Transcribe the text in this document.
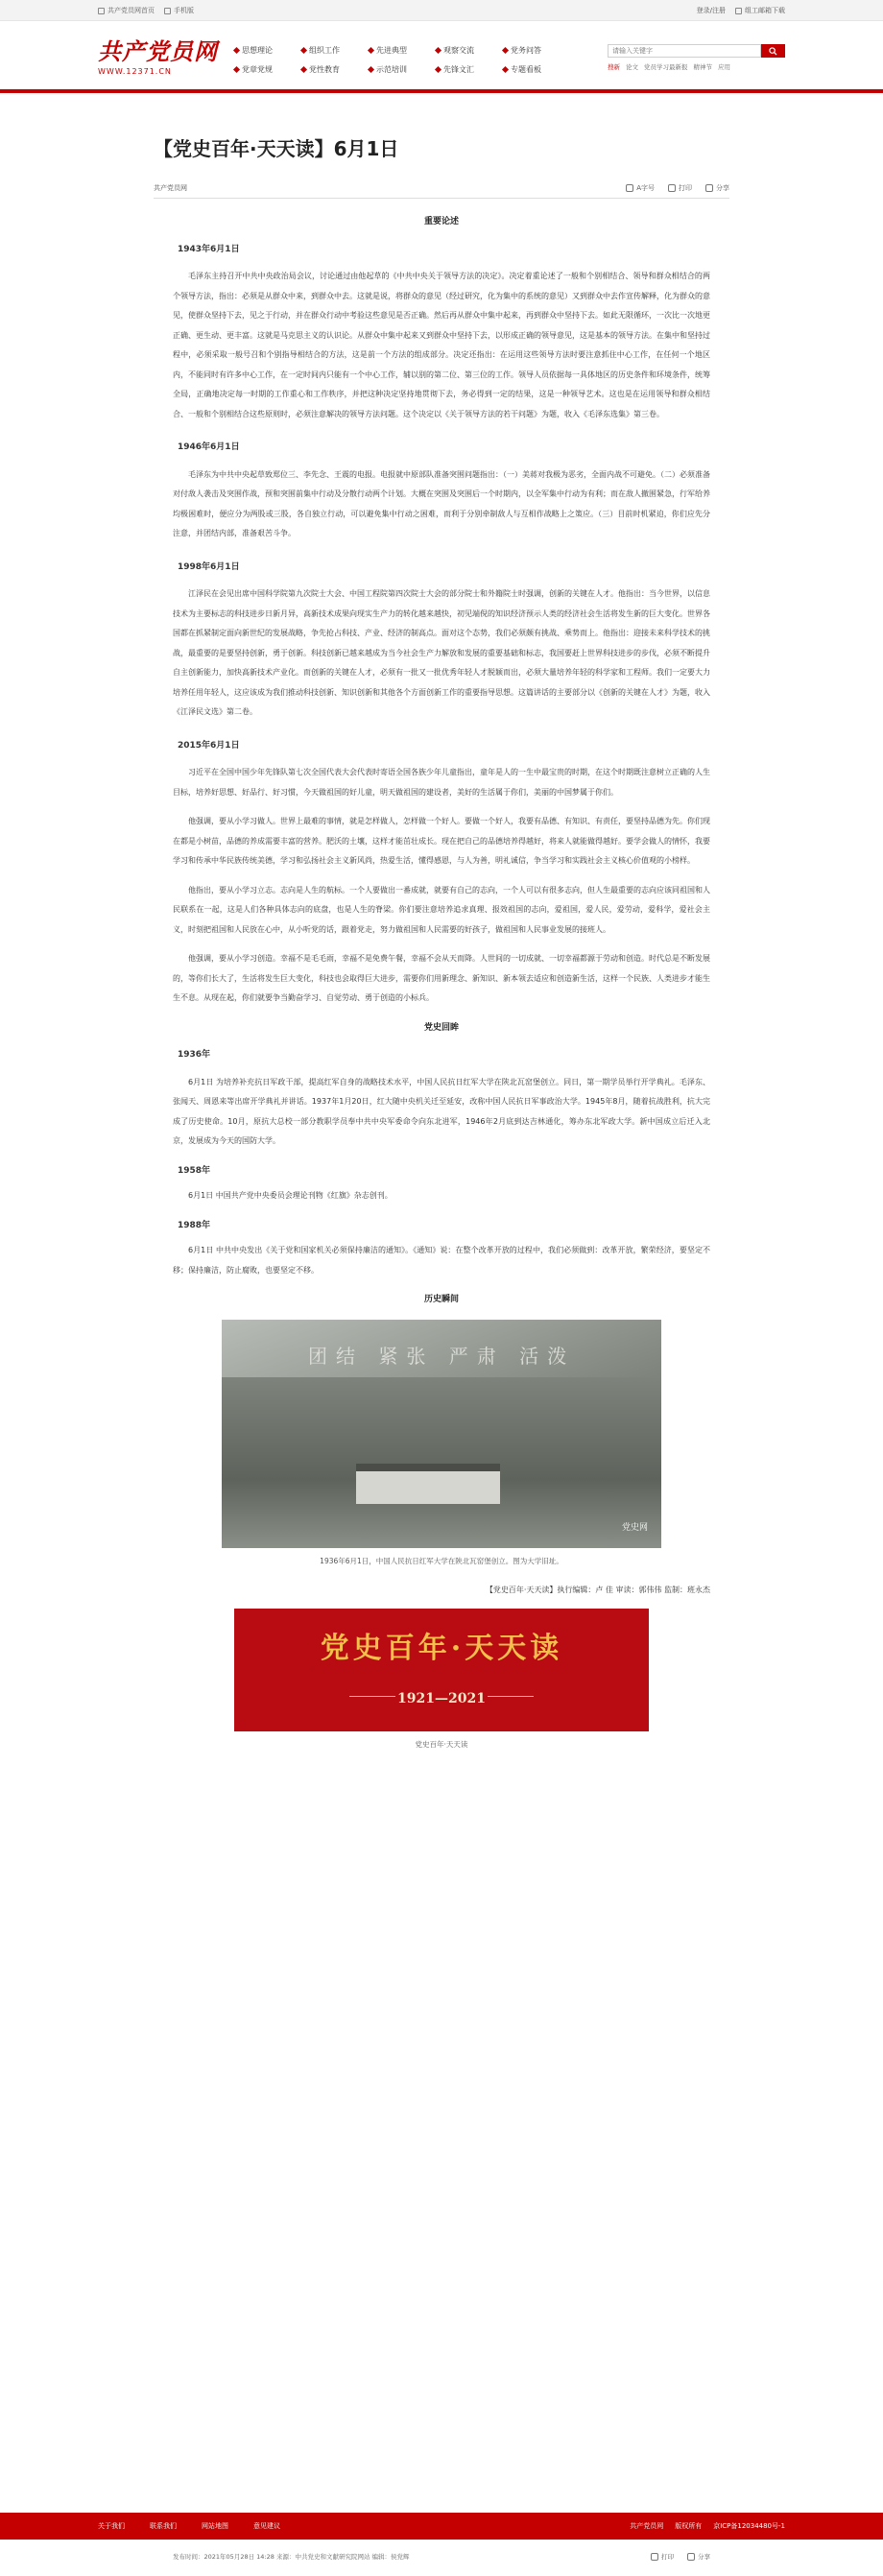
共产党员网首页	手机版	登录/注册	组工邮箱下载
共产党员网
WWW.12371.CN
思想理论	组织工作	先进典型	观察交流	党务问答
党章党规	党性教育	示范培训	先锋文汇	专题看板
请输入关键字	搜新 论文 党员学习最新报 精神节 应用
【党史百年·天天读】6月1日
共产党员网	A字号	打印	分享
重要论述
1943年6月1日

毛泽东主持召开中共中央政治局会议，讨论通过由他起草的《中共中央关于领导方法的决定》。决定着重论述了一般和个别相结合、领导和群众相结合的两个领导方法，指出：必须是从群众中来，到群众中去。这就是说，将群众的意见（经过研究，化为集中的系统的意见）又到群众中去作宣传解释，化为群众的意见，使群众坚持下去，见之于行动，并在群众行动中考验这些意见是否正确。然后再从群众中集中起来，再到群众中坚持下去。如此无限循环，一次比一次地更正确、更生动、更丰富。这就是马克思主义的认识论。从群众中集中起来又到群众中坚持下去，以形成正确的领导意见，这是基本的领导方法。在集中和坚持过程中，必须采取一般号召和个别指导相结合的方法，这是前一个方法的组成部分。决定还指出：在运用这些领导方法时要注意抓住中心工作，在任何一个地区内，不能同时有许多中心工作，在一定时间内只能有一个中心工作，辅以别的第二位、第三位的工作。领导人员依据每一具体地区的历史条件和环境条件，统筹全局，正确地决定每一时期的工作重心和工作秩序，并把这种决定坚持地贯彻下去，务必得到一定的结果，这是一种领导艺术。这也是在运用领导和群众相结合、一般和个别相结合这些原则时，必须注意解决的领导方法问题。这个决定以《关于领导方法的若干问题》为题，收入《毛泽东选集》第三卷。

1946年6月1日

毛泽东为中共中央起草致郑位三、李先念、王震的电报。电报就中原部队准备突围问题指出：（一）美蒋对我极为恶劣，全面内战不可避免。（二）必须准备对付敌人袭击及突围作战，预和突围前集中行动及分散行动两个计划。大概在突围及突围后一个时期内，以全军集中行动为有利；而在敌人撤围紧急，行军给养均极困难时，便应分为两股或三股，各自独立行动，可以避免集中行动之困难，而利于分别牵制敌人与互相作战略上之策应。（三）目前时机紧迫，你们应先分注意，并团结内部，准备艰苦斗争。

1998年6月1日

江泽民在会见出席中国科学院第九次院士大会、中国工程院第四次院士大会的部分院士和外籍院士时强调，创新的关键在人才。他指出：当今世界，以信息技术为主要标志的科技进步日新月异，高新技术成果向现实生产力的转化越来越快，初见端倪的知识经济预示人类的经济社会生活将发生新的巨大变化。世界各国都在抓紧制定面向新世纪的发展战略，争先抢占科技、产业、经济的制高点。面对这个态势，我们必须颇有挑战、乘势而上。他指出：迎接未来科学技术的挑战，最重要的是要坚持创新，勇于创新。科技创新已越来越成为当今社会生产力解放和发展的重要基础和标志，我国要赶上世界科技进步的步伐，必须不断提升自主创新能力，加快高新技术产业化。而创新的关键在人才，必须有一批又一批优秀年轻人才脱颖而出，必须大量培养年轻的科学家和工程师。我们一定要大力培养任用年轻人，这应该成为我们推动科技创新、知识创新和其他各个方面创新工作的重要指导思想。这篇讲话的主要部分以《创新的关键在人才》为题，收入《江泽民文选》第二卷。

2015年6月1日

习近平在全国中国少年先锋队第七次全国代表大会代表时寄语全国各族少年儿童指出，童年是人的一生中最宝贵的时期，在这个时期既注意树立正确的人生目标，培养好思想、好品行、好习惯，今天做祖国的好儿童，明天做祖国的建设者，美好的生活属于你们，美丽的中国梦属于你们。

他强调，要从小学习做人。世界上最难的事情，就是怎样做人，怎样做一个好人。要做一个好人，我要有品德、有知识、有责任，要坚持品德为先。你们现在都是小树苗，品德的养成需要丰富的营养。肥沃的土壤，这样才能茁壮成长。现在把自己的品德培养得越好，将来人就能做得越好。要学会做人的情怀，我要学习和传承中华民族传统美德，学习和弘扬社会主义新风尚，热爱生活，懂得感恩，与人为善，明礼诚信，争当学习和实践社会主义核心价值观的小榜样。

他指出，要从小学习立志。志向是人生的航标。一个人要做出一番成就，就要有自己的志向，一个人可以有很多志向，但人生最重要的志向应该同祖国和人民联系在一起，这是人们各种具体志向的底盘，也是人生的脊梁。你们要注意培养追求真理、报效祖国的志向，爱祖国，爱人民，爱劳动，爱科学，爱社会主义，时刻把祖国和人民放在心中，从小听党的话，跟着党走，努力做祖国和人民需要的好孩子，做祖国和人民事业发展的接班人。

他强调，要从小学习创造。幸福不是毛毛雨，幸福不是免费午餐，幸福不会从天而降。人世间的一切成就、一切幸福都源于劳动和创造。时代总是不断发展的，等你们长大了，生活将发生巨大变化，科技也会取得巨大进步，需要你们用新理念、新知识、新本领去适应和创造新生活，这样一个民族、人类进步才能生生不息。从现在起，你们就要争当勤奋学习、自觉劳动、勇于创造的小标兵。

党史回眸
1936年

6月1日 为培养补充抗日军政干部，提高红军自身的战略技术水平，中国人民抗日红军大学在陕北瓦窑堡创立。同日，第一期学员举行开学典礼。毛泽东、张闻天、周恩来等出席开学典礼并讲话。1937年1月20日，红大随中央机关迁至延安，改称中国人民抗日军事政治大学。1945年8月，随着抗战胜利，抗大完成了历史使命。10月，原抗大总校一部分教职学员奉中共中央军委命令向东北进军，1946年2月底到达吉林通化，筹办东北军政大学。新中国成立后迁入北京，发展成为今天的国防大学。

1958年

6月1日 中国共产党中央委员会理论刊物《红旗》杂志创刊。

1988年

6月1日 中共中央发出《关于党和国家机关必须保持廉洁的通知》。《通知》说：在整个改革开放的过程中，我们必须做到：改革开放，繁荣经济，要坚定不移；保持廉洁，防止腐败，也要坚定不移。

历史瞬间
团结 紧张 严肃 活泼
党史网
1936年6月1日，中国人民抗日红军大学在陕北瓦窑堡创立。图为大学旧址。
【党史百年·天天读】执行编辑：卢 佳 审读：郭伟伟 监制：班永杰
党史百年·天天读
1921—2021
党史百年·天天读
发布时间：2021年05月28日 14:28 来源：中共党史和文献研究院网站 编辑：侯党辉	打印	分享
关于我们	联系我们	网站地图	意见建议	共产党员网 版权所有 京ICP备12034480号-1
